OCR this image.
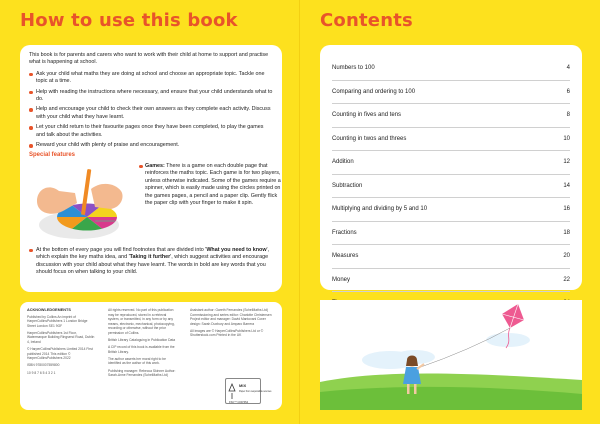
How to use this book

This book is for parents and carers who want to work with their child at home to support and practise what is happening at school.

Ask your child what maths they are doing at school and choose an appropriate topic. Tackle one topic at a time.
Help with reading the instructions where necessary, and ensure that your child understands what to do.
Help and encourage your child to check their own answers as they complete each activity. Discuss with your child what they have learnt.
Let your child return to their favourite pages once they have been completed, to play the games and talk about the activities.
Reward your child with plenty of praise and encouragement.
Special features
Games: There is a game on each double page that reinforces the maths topic. Each game is for two players, unless otherwise indicated. Some of the games require a spinner, which is easily made using the circles printed on the games pages, a pencil and a paper clip. Gently flick the paper clip with your finger to make it spin.

At the bottom of every page you will find footnotes that are divided into 'What you need to know', which explain the key maths idea, and 'Taking it further', which suggest activities and encourage discussion with your child about what they have learnt. The words in bold are key words that you should focus on when talking to your child.

ACKNOWLEDGEMENTS

Published by Collins An imprint of HarperCollinsPublishers 1 London Bridge Street London SE1 9GF

HarperCollinsPublishers 1st Floor, Watermarque Building Ringsend Road, Dublin 4, Ireland

© HarperCollinsPublishers Limited 2014 First published 2014 This edition © HarperCollinsPublishers 2022

ISBN 9780007559800

10 9 8 7 6 5 4 3 2 1

All rights reserved. No part of this publication may be reproduced, stored in a retrieval system, or transmitted, in any form or by any means, electronic, mechanical, photocopying, recording or otherwise, without the prior permission of Collins.

British Library Cataloguing in Publication Data

A CIP record of this book is available from the British Library.

The author asserts her moral right to be identified as the author of this work.

Publishing manager: Rebecca Skinner Author: Sarah-Anne Fernandes (SchelMaths Ltd)

Assistant author: Gareth Fernandes (SchelMaths Ltd) Commissioning and series editor: Charlotte Christensen Project editor and manager: David Mantovani Cover design: Sarah Duxbury and Amparo Barrera

All images are © HarperCollinsPublishers Ltd or © Shutterstock.com Printed in the UK

MIX
Paper from responsible sources
FSC™ C007454
Contents
Numbers to 100	4
Comparing and ordering to 100	6
Counting in fives and tens	8
Counting in twos and threes	10
Addition	12
Subtraction	14
Multiplying and dividing by 5 and 10	16
Fractions	18
Measures	20
Money	22
